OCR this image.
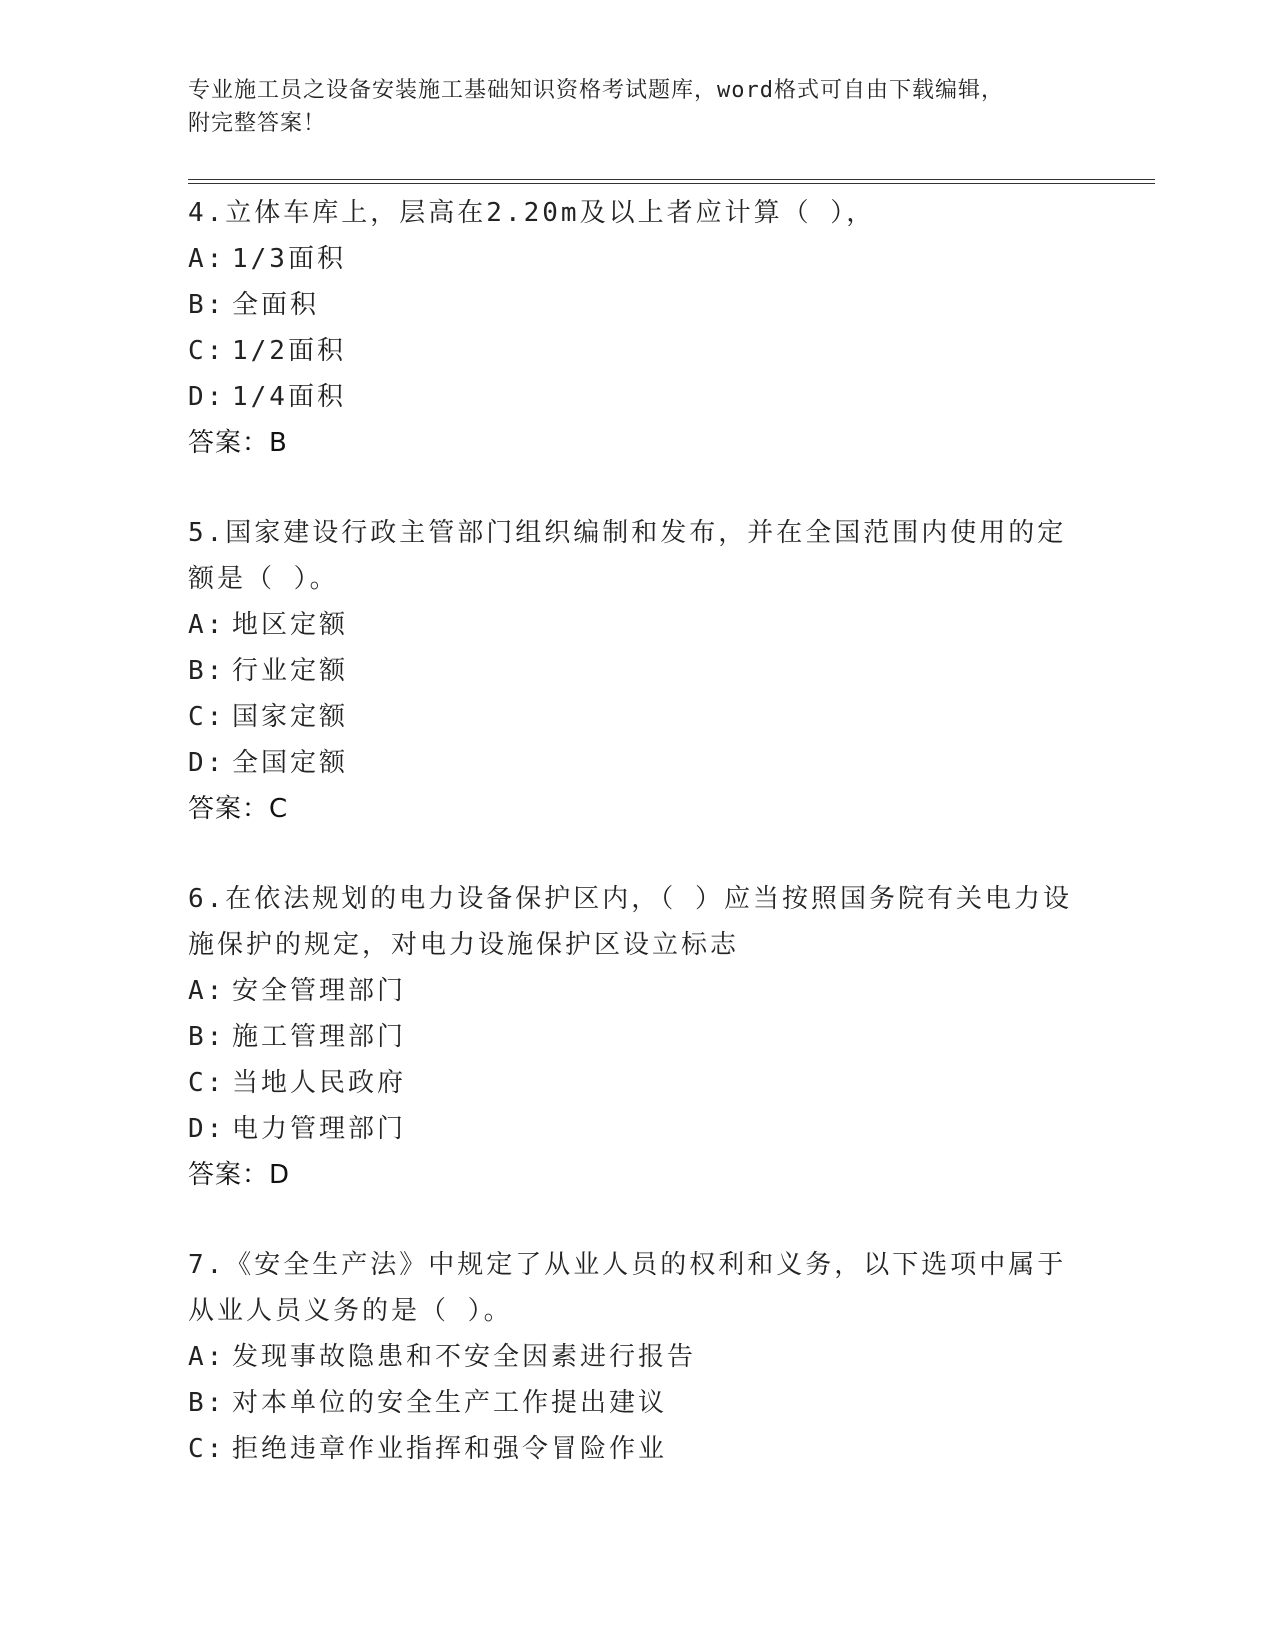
专业施工员之设备安装施工基础知识资格考试题库，word格式可自由下载编辑，
附完整答案！
4.立体车库上，层高在2.20m及以上者应计算（ ），
A: 1/3面积
B: 全面积
C: 1/2面积
D: 1/4面积
答案：B
5.国家建设行政主管部门组织编制和发布，并在全国范围内使用的定
额是（ ）。
A: 地区定额
B: 行业定额
C: 国家定额
D: 全国定额
答案：C
6.在依法规划的电力设备保护区内，（ ）应当按照国务院有关电力设
施保护的规定，对电力设施保护区设立标志
A: 安全管理部门
B: 施工管理部门
C: 当地人民政府
D: 电力管理部门
答案：D
7.《安全生产法》中规定了从业人员的权利和义务，以下选项中属于
从业人员义务的是（ ）。
A: 发现事故隐患和不安全因素进行报告
B: 对本单位的安全生产工作提出建议
C: 拒绝违章作业指挥和强令冒险作业
